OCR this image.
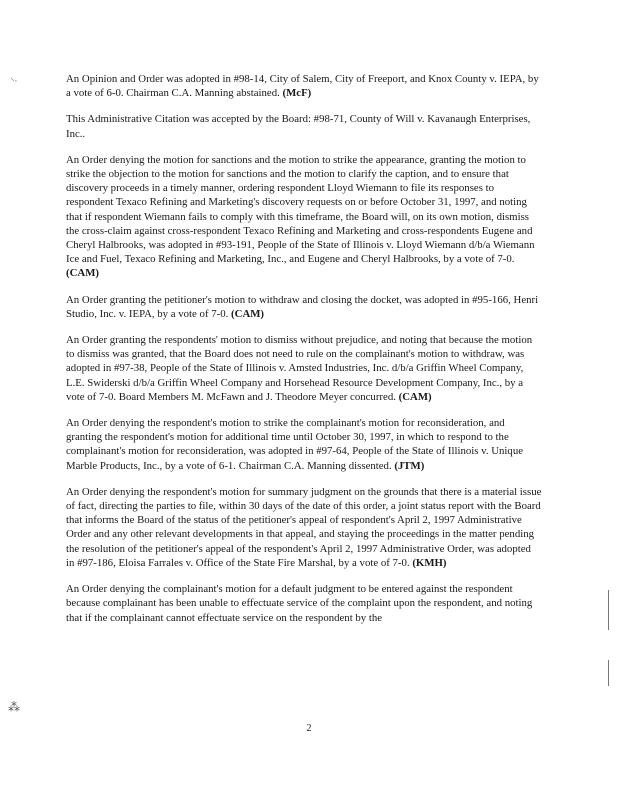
⸌·	An Opinion and Order was adopted in #98-14, City of Salem, City of Freeport, and Knox County v. IEPA, by a vote of 6-0. Chairman C.A. Manning abstained. (McF)

This Administrative Citation was accepted by the Board: #98-71, County of Will v. Kavanaugh Enterprises, Inc..

An Order denying the motion for sanctions and the motion to strike the appearance, granting the motion to strike the objection to the motion for sanctions and the motion to clarify the caption, and to ensure that discovery proceeds in a timely manner, ordering respondent Lloyd Wiemann to file its responses to respondent Texaco Refining and Marketing's discovery requests on or before October 31, 1997, and noting that if respondent Wiemann fails to comply with this timeframe, the Board will, on its own motion, dismiss the cross-claim against cross-respondent Texaco Refining and Marketing and cross-respondents Eugene and Cheryl Halbrooks, was adopted in #93-191, People of the State of Illinois v. Lloyd Wiemann d/b/a Wiemann Ice and Fuel, Texaco Refining and Marketing, Inc., and Eugene and Cheryl Halbrooks, by a vote of 7-0.
(CAM)

An Order granting the petitioner's motion to withdraw and closing the docket, was adopted in #95-166, Henri Studio, Inc. v. IEPA, by a vote of 7-0. (CAM)

An Order granting the respondents' motion to dismiss without prejudice, and noting that because the motion to dismiss was granted, that the Board does not need to rule on the complainant's motion to withdraw, was adopted in #97-38, People of the State of Illinois v. Amsted Industries, Inc. d/b/a Griffin Wheel Company, L.E. Swiderski d/b/a Griffin Wheel Company and Horsehead Resource Development Company, Inc., by a vote of 7-0. Board Members M. McFawn and J. Theodore Meyer concurred. (CAM)

An Order denying the respondent's motion to strike the complainant's motion for reconsideration, and granting the respondent's motion for additional time until October 30, 1997, in which to respond to the complainant's motion for reconsideration, was adopted in #97-64, People of the State of Illinois v. Unique Marble Products, Inc., by a vote of 6-1. Chairman C.A. Manning dissented. (JTM)

An Order denying the respondent's motion for summary judgment on the grounds that there is a material issue of fact, directing the parties to file, within 30 days of the date of this order, a joint status report with the Board that informs the Board of the status of the petitioner's appeal of respondent's April 2, 1997 Administrative Order and any other relevant developments in that appeal, and staying the proceedings in the matter pending the resolution of the petitioner's appeal of the respondent's April 2, 1997 Administrative Order, was adopted in #97-186, Eloisa Farrales v. Office of the State Fire Marshal, by a vote of 7-0. (KMH)

An Order denying the complainant's motion for a default judgment to be entered against the respondent because complainant has been unable to effectuate service of the complaint upon the respondent, and noting that if the complainant cannot effectuate service on the respondent by the

2
⁂
